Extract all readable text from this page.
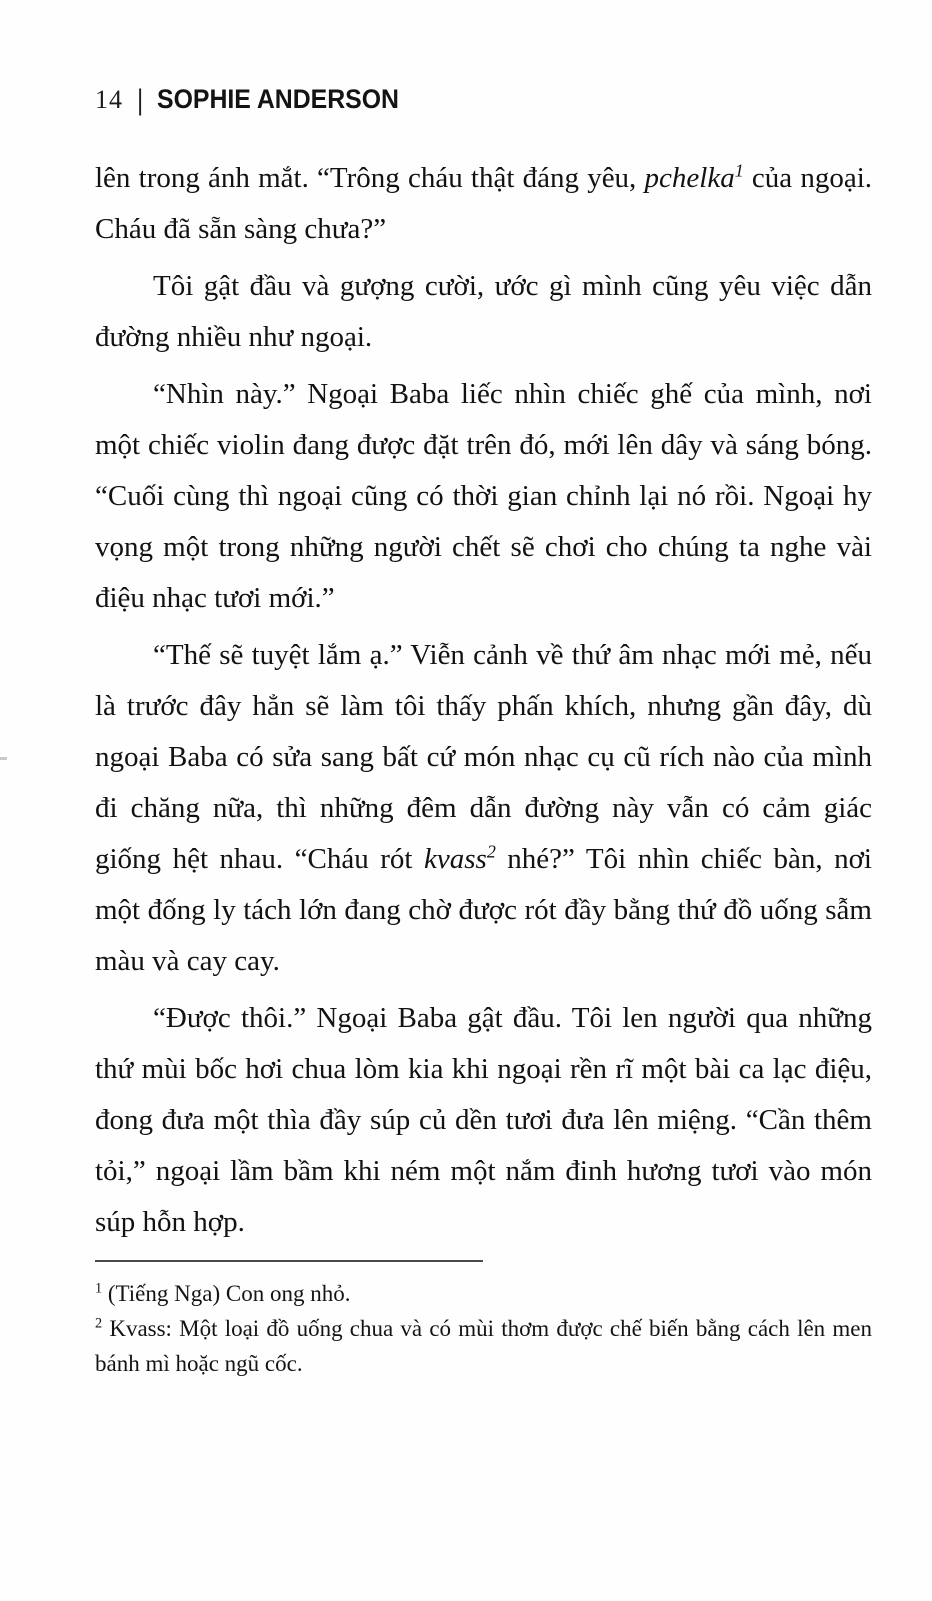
14 | SOPHIE ANDERSON

lên trong ánh mắt. “Trông cháu thật đáng yêu, pchelka$^1$ của ngoại. Cháu đã sẵn sàng chưa?”

Tôi gật đầu và gượng cười, ước gì mình cũng yêu việc dẫn đường nhiều như ngoại.

“Nhìn này.” Ngoại Baba liếc nhìn chiếc ghế của mình, nơi một chiếc violin đang được đặt trên đó, mới lên dây và sáng bóng. “Cuối cùng thì ngoại cũng có thời gian chỉnh lại nó rồi. Ngoại hy vọng một trong những người chết sẽ chơi cho chúng ta nghe vài điệu nhạc tươi mới.”

“Thế sẽ tuyệt lắm ạ.” Viễn cảnh về thứ âm nhạc mới mẻ, nếu là trước đây hẳn sẽ làm tôi thấy phấn khích, nhưng gần đây, dù ngoại Baba có sửa sang bất cứ món nhạc cụ cũ rích nào của mình đi chăng nữa, thì những đêm dẫn đường này vẫn có cảm giác giống hệt nhau. “Cháu rót kvass$^2$ nhé?” Tôi nhìn chiếc bàn, nơi một đống ly tách lớn đang chờ được rót đầy bằng thứ đồ uống sẫm màu và cay cay.

“Được thôi.” Ngoại Baba gật đầu. Tôi len người qua những thứ mùi bốc hơi chua lòm kia khi ngoại rền rĩ một bài ca lạc điệu, đong đưa một thìa đầy súp củ dền tươi đưa lên miệng. “Cần thêm tỏi,” ngoại lầm bầm khi ném một nắm đinh hương tươi vào món súp hỗn hợp.

$^1$ (Tiếng Nga) Con ong nhỏ.

$^2$ Kvass: Một loại đồ uống chua và có mùi thơm được chế biến bằng cách lên men bánh mì hoặc ngũ cốc.
